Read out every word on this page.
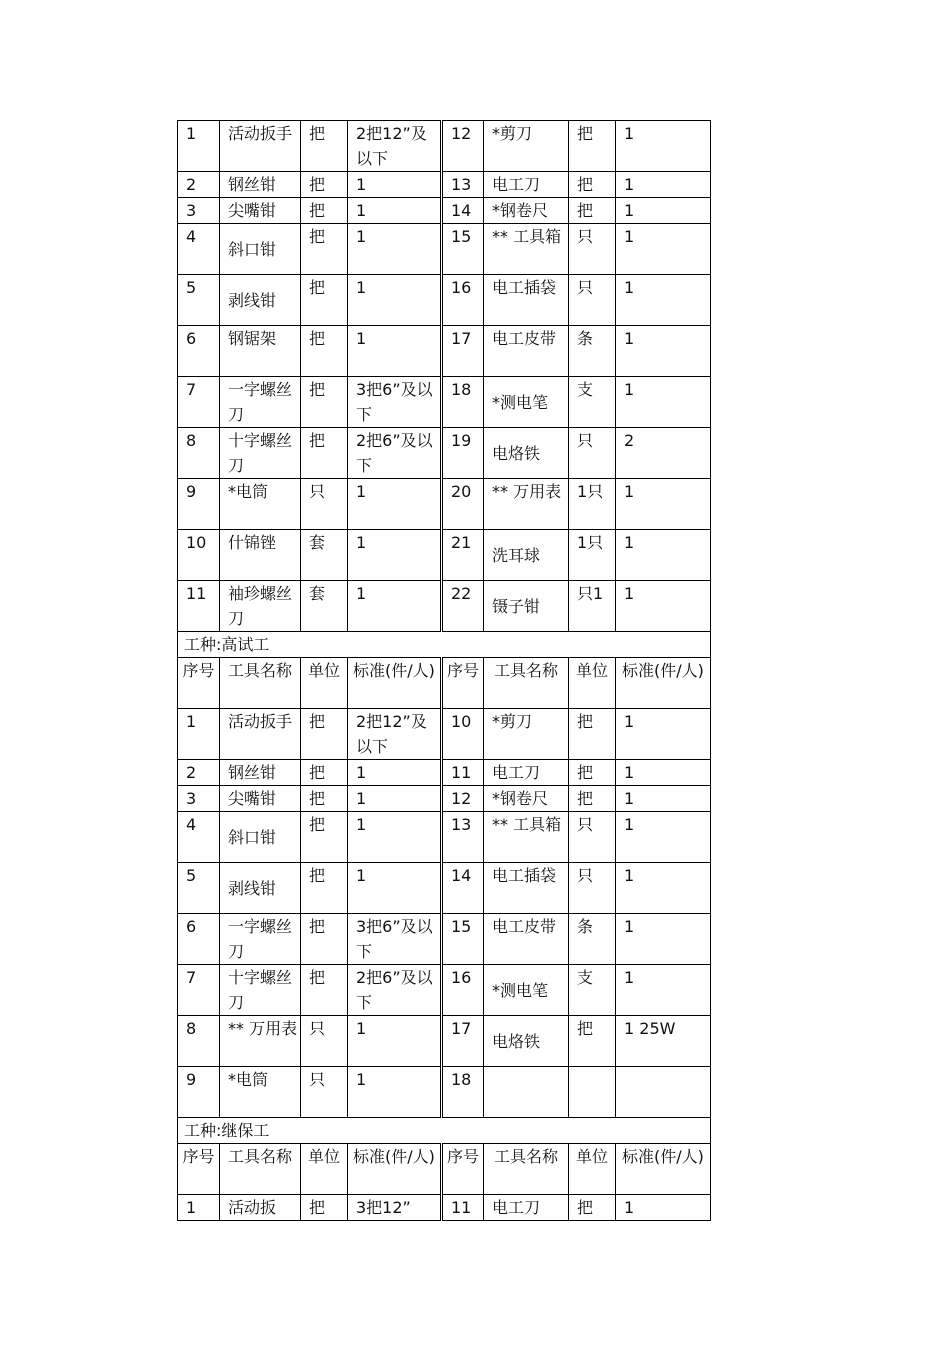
1	活动扳手	把	2把12”及以下	12	*剪刀	把	1
2	钢丝钳	把	1	13	电工刀	把	1
3	尖嘴钳	把	1	14	*钢卷尺	把	1
4	斜口钳	把	1	15	** 工具箱	只	1
5	剥线钳	把	1	16	电工插袋	只	1
6	钢锯架	把	1	17	电工皮带	条	1
7	一字螺丝刀	把	3把6”及以下	18	*测电笔	支	1
8	十字螺丝刀	把	2把6”及以下	19	电烙铁	只	2
9	*电筒	只	1	20	** 万用表	1只	1
10	什锦锉	套	1	21	洗耳球	1只	1
11	袖珍螺丝刀	套	1	22	镊子钳	只1	1
工种:高试工							
序号	工具名称	单位	标准(件/人)	序号	工具名称	单位	标准(件/人)
1	活动扳手	把	2把12”及以下	10	*剪刀	把	1
2	钢丝钳	把	1	11	电工刀	把	1
3	尖嘴钳	把	1	12	*钢卷尺	把	1
4	斜口钳	把	1	13	** 工具箱	只	1
5	剥线钳	把	1	14	电工插袋	只	1
6	一字螺丝刀	把	3把6”及以下	15	电工皮带	条	1
7	十字螺丝刀	把	2把6”及以下	16	*测电笔	支	1
8	** 万用表	只	1	17	电烙铁	把	1 25W
9	*电筒	只	1	18			
工种:继保工							
序号	工具名称	单位	标准(件/人)	序号	工具名称	单位	标准(件/人)
1	活动扳	把	3把12”	11	电工刀	把	1
